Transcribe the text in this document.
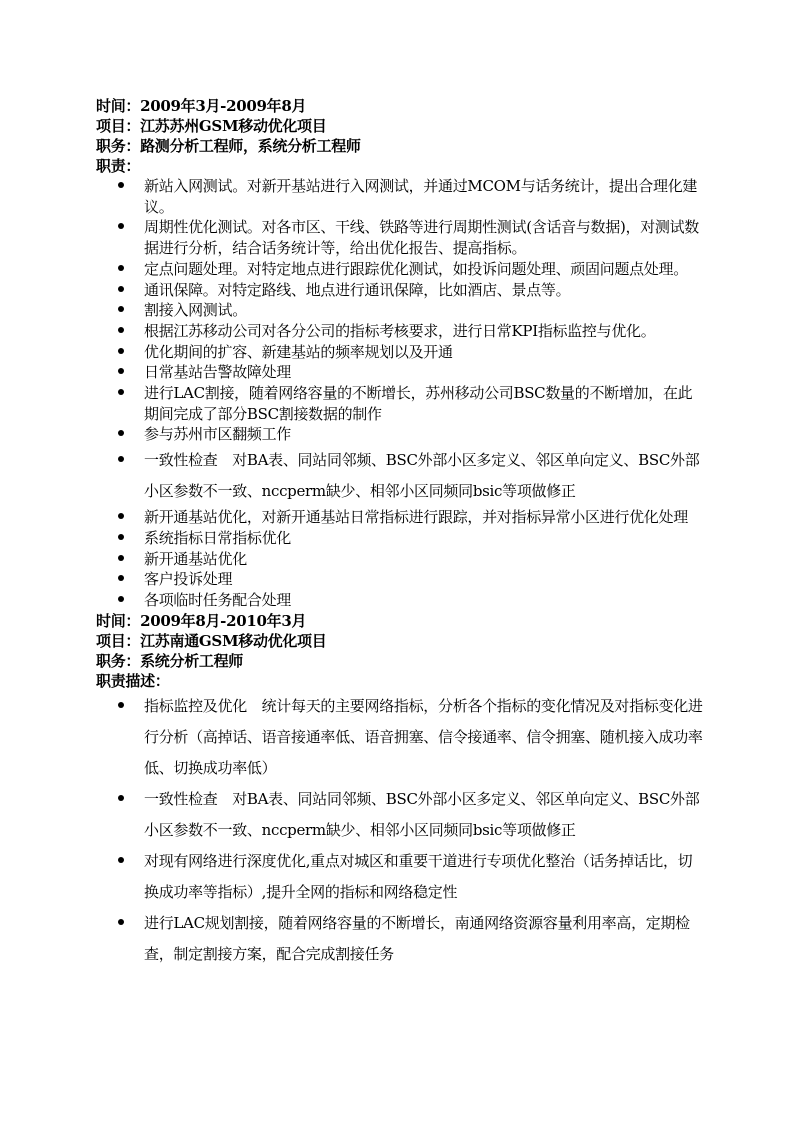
时间：2009年3月-2009年8月
项目：江苏苏州GSM移动优化项目
职务：路测分析工程师，系统分析工程师
职责：
新站入网测试。对新开基站进行入网测试，并通过MCOM与话务统计，提出合理化建议。
周期性优化测试。对各市区、干线、铁路等进行周期性测试(含话音与数据)，对测试数据进行分析，结合话务统计等，给出优化报告、提高指标。
定点问题处理。对特定地点进行跟踪优化测试，如投诉问题处理、顽固问题点处理。
通讯保障。对特定路线、地点进行通讯保障，比如酒店、景点等。
割接入网测试。
根据江苏移动公司对各分公司的指标考核要求，进行日常KPI指标监控与优化。
优化期间的扩容、新建基站的频率规划以及开通
日常基站告警故障处理
进行LAC割接，随着网络容量的不断增长，苏州移动公司BSC数量的不断增加，在此期间完成了部分BSC割接数据的制作
参与苏州市区翻频工作
一致性检查　对BA表、同站同邻频、BSC外部小区多定义、邻区单向定义、BSC外部小区参数不一致、nccperm缺少、相邻小区同频同bsic等项做修正
新开通基站优化，对新开通基站日常指标进行跟踪，并对指标异常小区进行优化处理
系统指标日常指标优化
新开通基站优化
客户投诉处理
各项临时任务配合处理
时间：2009年8月-2010年3月
项目：江苏南通GSM移动优化项目
职务：系统分析工程师
职责描述：
指标监控及优化　统计每天的主要网络指标，分析各个指标的变化情况及对指标变化进行分析（高掉话、语音接通率低、语音拥塞、信令接通率、信令拥塞、随机接入成功率低、切换成功率低）
一致性检查　对BA表、同站同邻频、BSC外部小区多定义、邻区单向定义、BSC外部小区参数不一致、nccperm缺少、相邻小区同频同bsic等项做修正
对现有网络进行深度优化,重点对城区和重要干道进行专项优化整治（话务掉话比，切换成功率等指标）,提升全网的指标和网络稳定性
进行LAC规划割接，随着网络容量的不断增长，南通网络资源容量利用率高，定期检查，制定割接方案，配合完成割接任务
